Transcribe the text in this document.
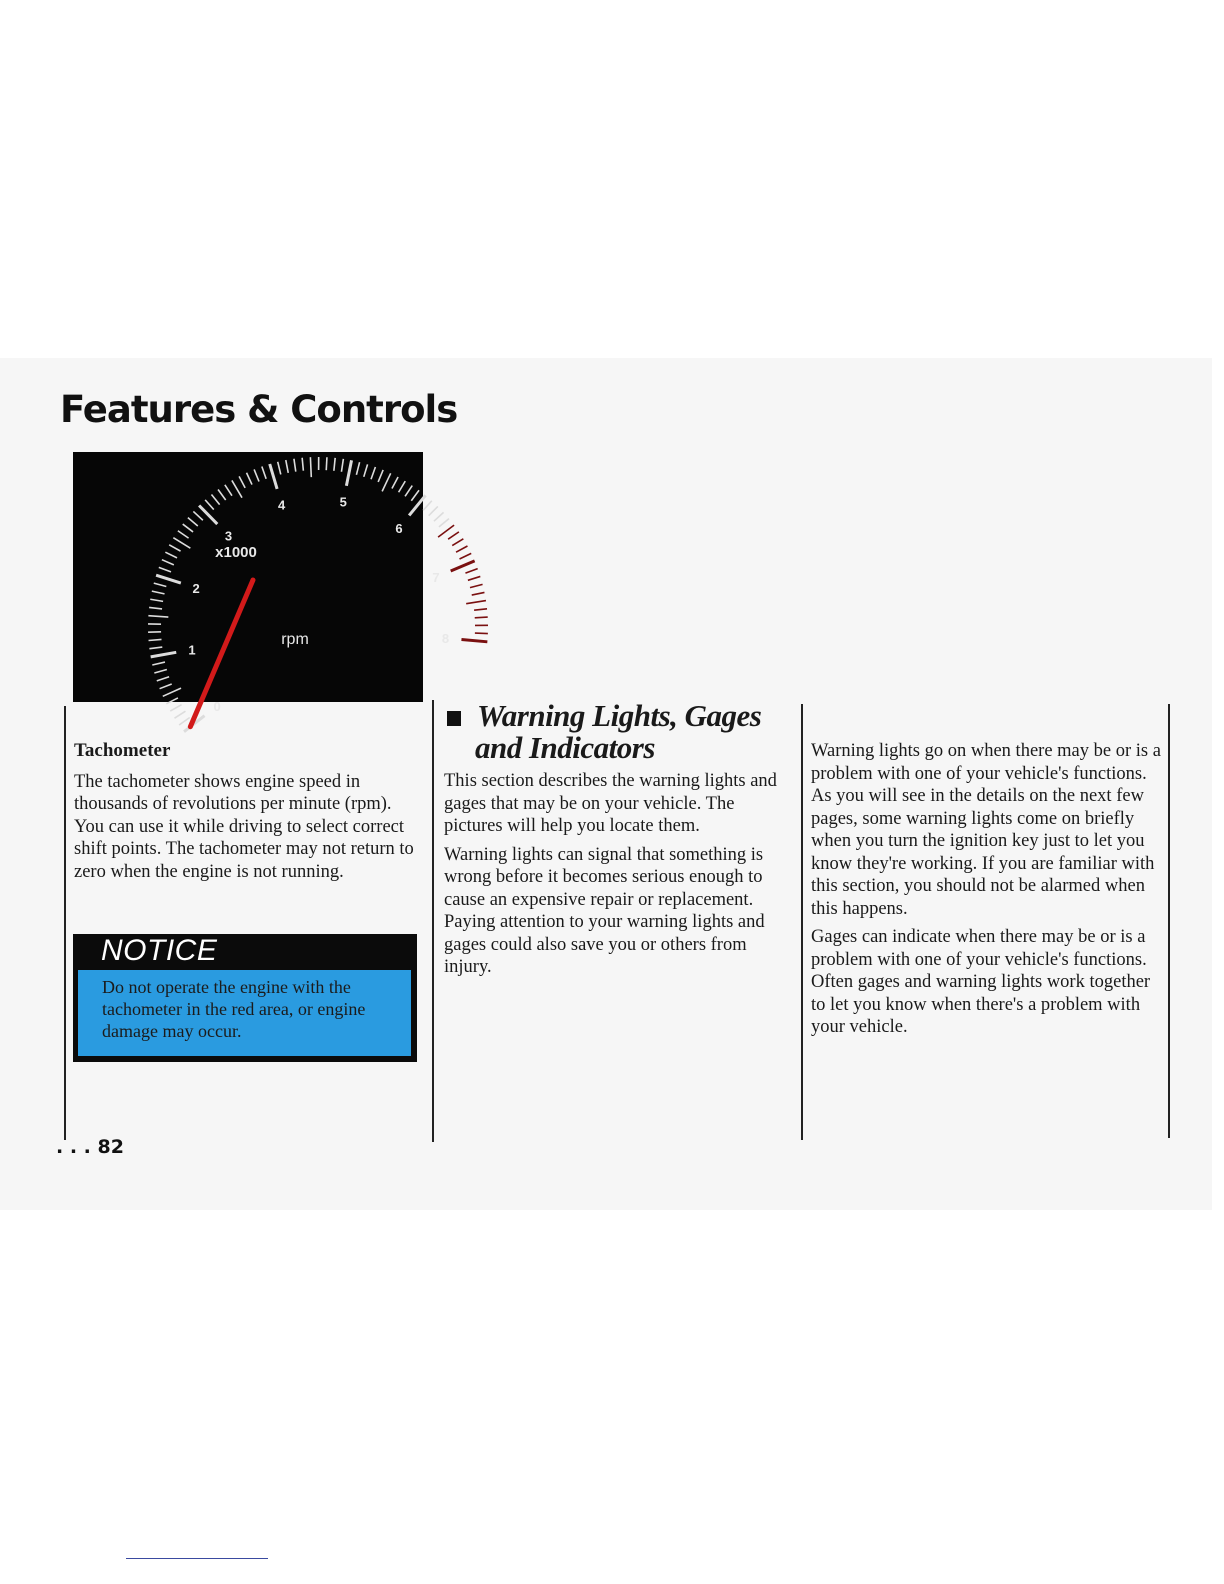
Features & Controls
0
1
2
3
4	5
6
7
8
x1000
rpm
Tachometer

The tachometer shows engine speed in thousands of revolutions per minute (rpm). You can use it while driving to select correct shift points. The tachometer may not return to zero when the engine is not running.

NOTICE
Do not operate the engine with the tachometer in the red area, or engine damage may occur.
Warning Lights, Gages
and Indicators

This section describes the warning lights and gages that may be on your vehicle. The pictures will help you locate them.

Warning lights can signal that something is wrong before it becomes serious enough to cause an expensive repair or replacement. Paying attention to your warning lights and gages could also save you or others from injury.

Warning lights go on when there may be or is a problem with one of your vehicle's functions. As you will see in the details on the next few pages, some warning lights come on briefly when you turn the ignition key just to let you know they're working. If you are familiar with this section, you should not be alarmed when this happens.

Gages can indicate when there may be or is a problem with one of your vehicle's functions. Often gages and warning lights work together to let you know when there's a problem with your vehicle.

. . . 82
